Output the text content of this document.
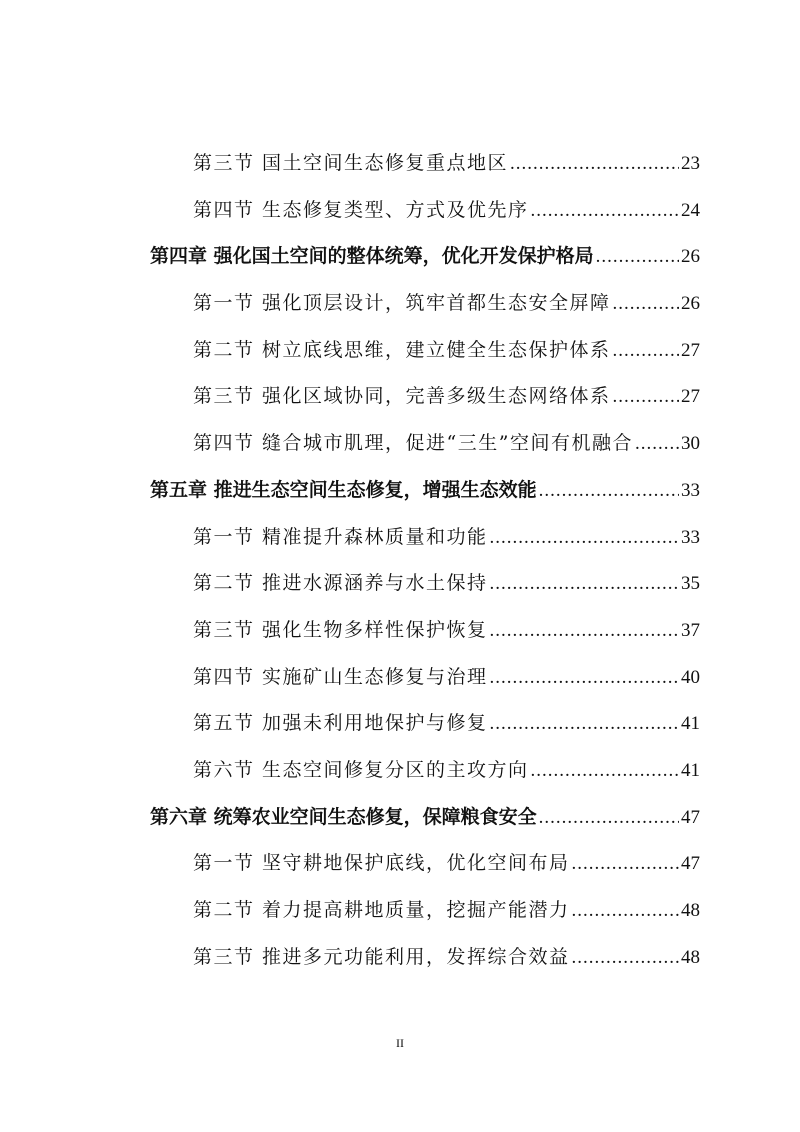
第三节 国土空间生态修复重点地区 .....	23
第四节 生态修复类型、方式及优先序 .....	24
第四章 强化国土空间的整体统筹，优化开发保护格局 .....	26
第一节 强化顶层设计，筑牢首都生态安全屏障 .....	26
第二节 树立底线思维，建立健全生态保护体系 .....	27
第三节 强化区域协同，完善多级生态网络体系 .....	27
第四节 缝合城市肌理，促进“三生”空间有机融合 .....	30
第五章 推进生态空间生态修复，增强生态效能 .....	33
第一节 精准提升森林质量和功能 .....	33
第二节 推进水源涵养与水土保持 .....	35
第三节 强化生物多样性保护恢复 .....	37
第四节 实施矿山生态修复与治理 .....	40
第五节 加强未利用地保护与修复 .....	41
第六节 生态空间修复分区的主攻方向 .....	41
第六章 统筹农业空间生态修复，保障粮食安全 .....	47
第一节 坚守耕地保护底线，优化空间布局 .....	47
第二节 着力提高耕地质量，挖掘产能潜力 .....	48
第三节 推进多元功能利用，发挥综合效益 .....	48
II
